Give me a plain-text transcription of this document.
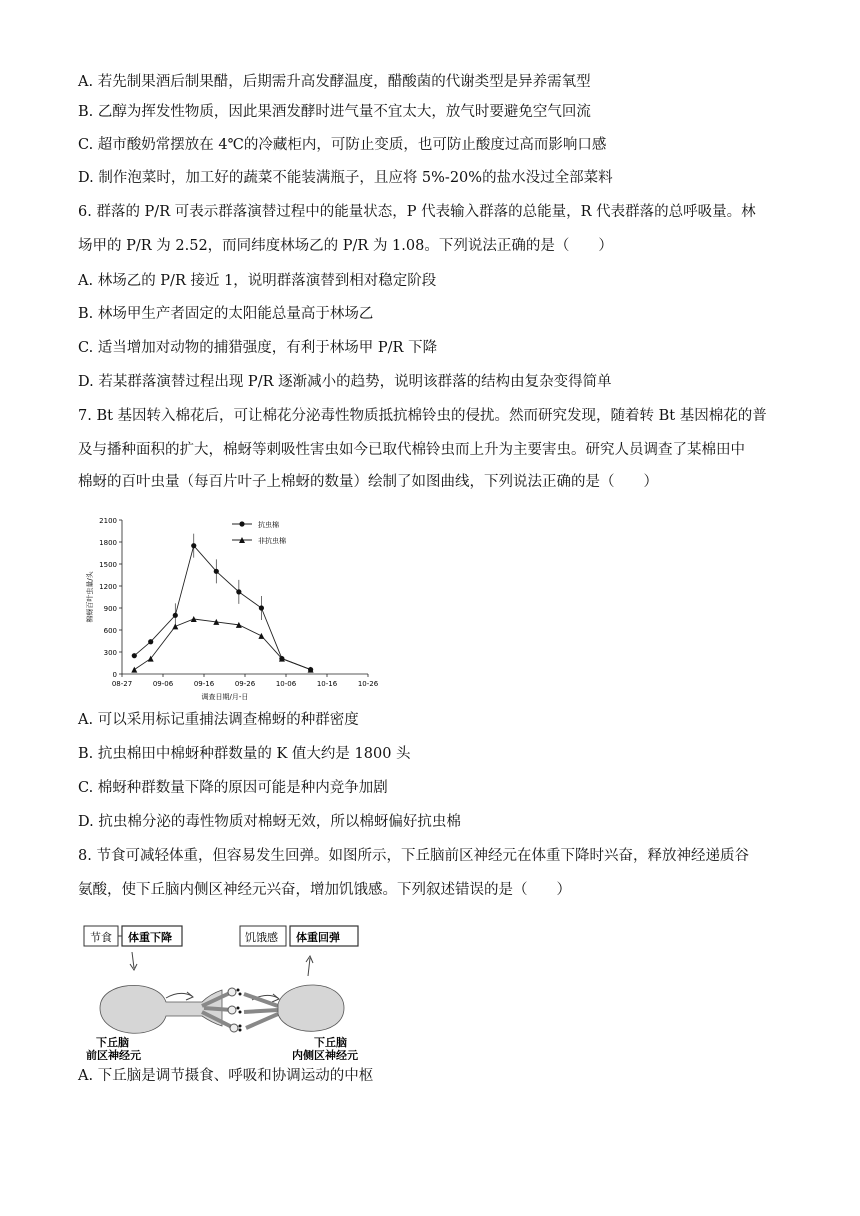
A. 若先制果酒后制果醋，后期需升高发酵温度，醋酸菌的代谢类型是异养需氧型
B. 乙醇为挥发性物质，因此果酒发酵时进气量不宜太大，放气时要避免空气回流
C. 超市酸奶常摆放在 4℃的冷藏柜内，可防止变质，也可防止酸度过高而影响口感
D. 制作泡菜时，加工好的蔬菜不能装满瓶子，且应将 5%-20%的盐水没过全部菜料
6. 群落的 P/R 可表示群落演替过程中的能量状态，P 代表输入群落的总能量，R 代表群落的总呼吸量。林
场甲的 P/R 为 2.52，而同纬度林场乙的 P/R 为 1.08。下列说法正确的是（　　）
A. 林场乙的 P/R 接近 1，说明群落演替到相对稳定阶段
B. 林场甲生产者固定的太阳能总量高于林场乙
C. 适当增加对动物的捕猎强度，有利于林场甲 P/R 下降
D. 若某群落演替过程出现 P/R 逐渐减小的趋势，说明该群落的结构由复杂变得简单
7. Bt 基因转入棉花后，可让棉花分泌毒性物质抵抗棉铃虫的侵扰。然而研究发现，随着转 Bt 基因棉花的普
及与播种面积的扩大，棉蚜等刺吸性害虫如今已取代棉铃虫而上升为主要害虫。研究人员调查了某棉田中
棉蚜的百叶虫量（每百片叶子上棉蚜的数量）绘制了如图曲线，下列说法正确的是（　　）
A. 可以采用标记重捕法调查棉蚜的种群密度
B. 抗虫棉田中棉蚜种群数量的 K 值大约是 1800 头
C. 棉蚜种群数量下降的原因可能是种内竞争加剧
D. 抗虫棉分泌的毒性物质对棉蚜无效，所以棉蚜偏好抗虫棉
8. 节食可减轻体重，但容易发生回弹。如图所示，下丘脑前区神经元在体重下降时兴奋，释放神经递质谷
氨酸，使下丘脑内侧区神经元兴奋，增加饥饿感。下列叙述错误的是（　　）
A. 下丘脑是调节摄食、呼吸和协调运动的中枢
0
300
600
900
1200
1500
1800
2100
08-27	09-06	09-16	09-26	10-06	10-16	10-26
调查日期/月-日
棉蚜百叶虫量/头
抗虫棉
非抗虫棉
节食 体重下降	饥饿感 体重回弹
下丘脑
前区神经元
下丘脑
内侧区神经元
